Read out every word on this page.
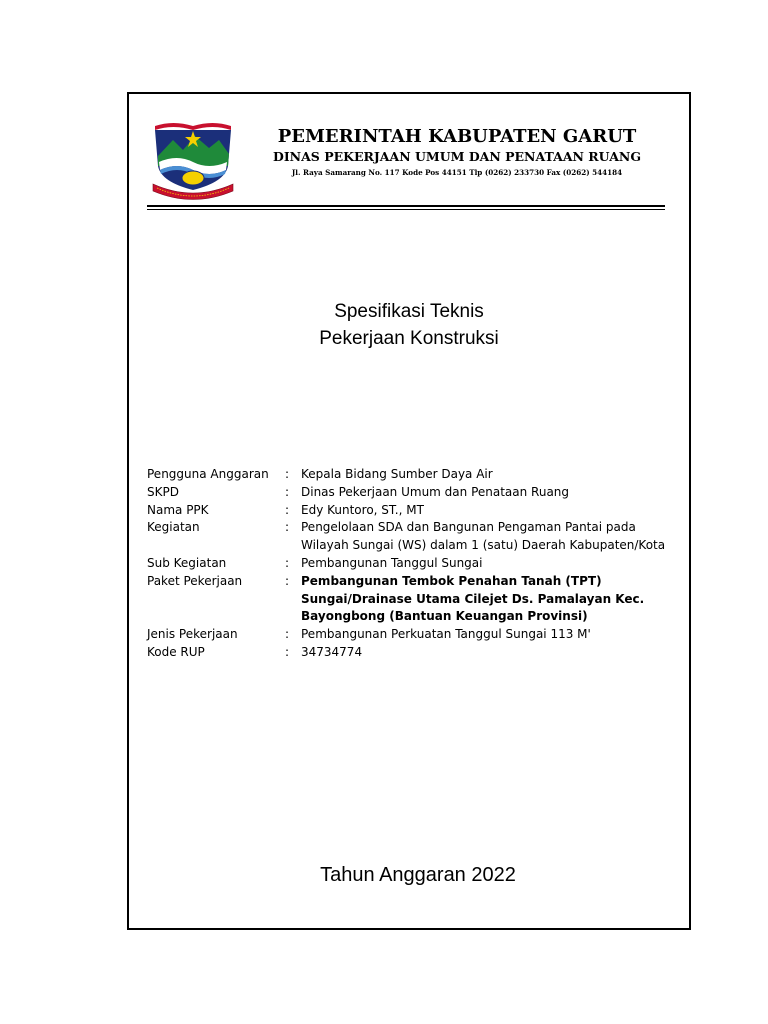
PEMERINTAH KABUPATEN GARUT
DINAS PEKERJAAN UMUM DAN PENATAAN RUANG
Jl. Raya Samarang No. 117 Kode Pos 44151 Tlp (0262) 233730 Fax (0262) 544184
Spesifikasi Teknis
Pekerjaan Konstruksi
Pengguna Anggaran	: Kepala Bidang Sumber Daya Air
SKPD	: Dinas Pekerjaan Umum dan Penataan Ruang
Nama PPK	: Edy Kuntoro, ST., MT
Kegiatan	: Pengelolaan SDA dan Bangunan Pengaman Pantai pada Wilayah Sungai (WS) dalam 1 (satu) Daerah Kabupaten/Kota
Sub Kegiatan	: Pembangunan Tanggul Sungai
Paket Pekerjaan	: Pembangunan Tembok Penahan Tanah (TPT) Sungai/Drainase Utama Cilejet Ds. Pamalayan Kec. Bayongbong (Bantuan Keuangan Provinsi)
Jenis Pekerjaan	: Pembangunan Perkuatan Tanggul Sungai 113 M'
Kode RUP	: 34734774
Tahun Anggaran 2022
